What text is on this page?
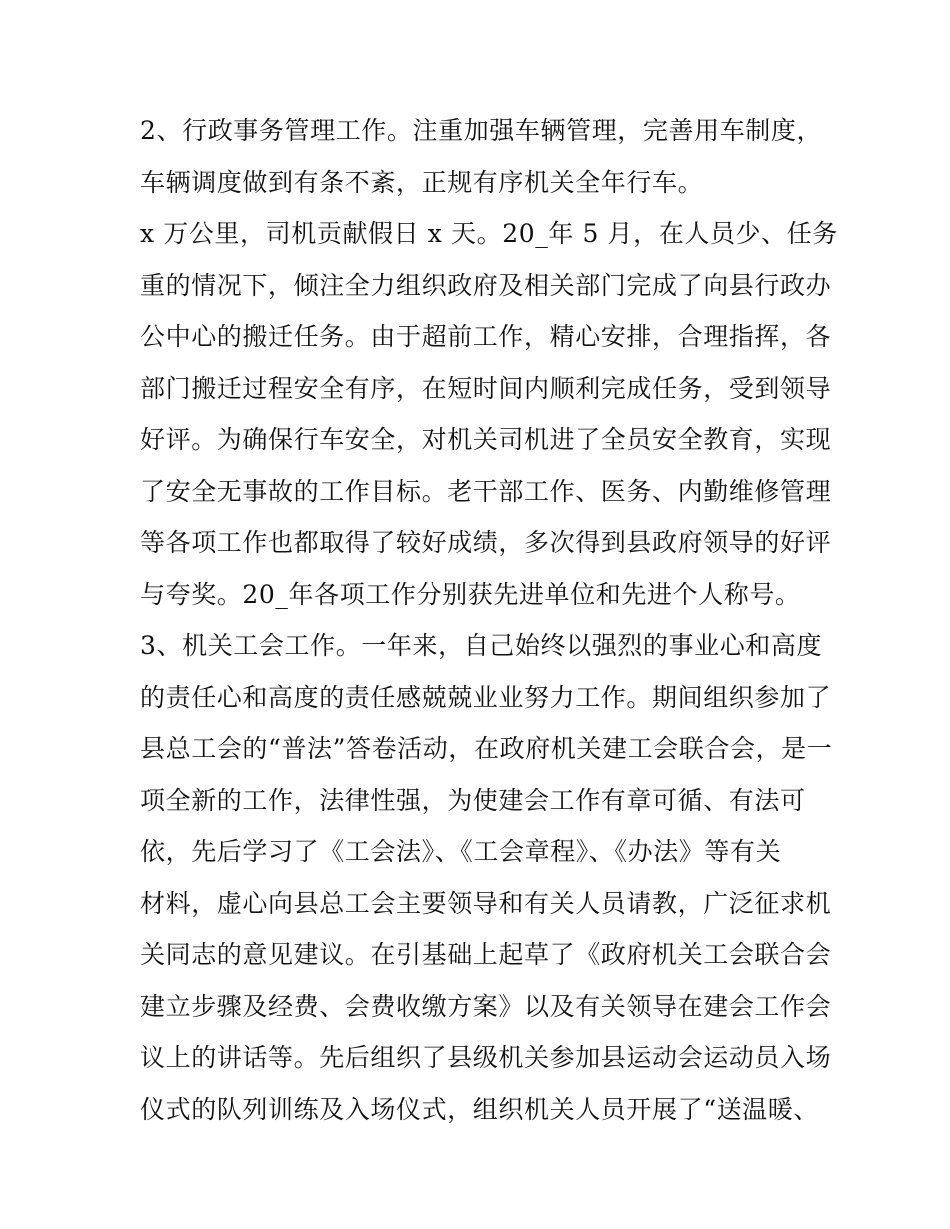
2、行政事务管理工作。注重加强车辆管理，完善用车制度，
车辆调度做到有条不紊，正规有序机关全年行车。
x 万公里，司机贡献假日 x 天。20_年 5 月，在人员少、任务
重的情况下，倾注全力组织政府及相关部门完成了向县行政办
公中心的搬迁任务。由于超前工作，精心安排，合理指挥，各
部门搬迁过程安全有序，在短时间内顺利完成任务，受到领导
好评。为确保行车安全，对机关司机进了全员安全教育，实现
了安全无事故的工作目标。老干部工作、医务、内勤维修管理
等各项工作也都取得了较好成绩，多次得到县政府领导的好评
与夸奖。20_年各项工作分别获先进单位和先进个人称号。
3、机关工会工作。一年来，自己始终以强烈的事业心和高度
的责任心和高度的责任感兢兢业业努力工作。期间组织参加了
县总工会的“普法”答卷活动，在政府机关建工会联合会，是一
项全新的工作，法律性强，为使建会工作有章可循、有法可
依，先后学习了《工会法》、《工会章程》、《办法》等有关
材料，虚心向县总工会主要领导和有关人员请教，广泛征求机
关同志的意见建议。在引基础上起草了《政府机关工会联合会
建立步骤及经费、会费收缴方案》以及有关领导在建会工作会
议上的讲话等。先后组织了县级机关参加县运动会运动员入场
仪式的队列训练及入场仪式，组织机关人员开展了“送温暖、
